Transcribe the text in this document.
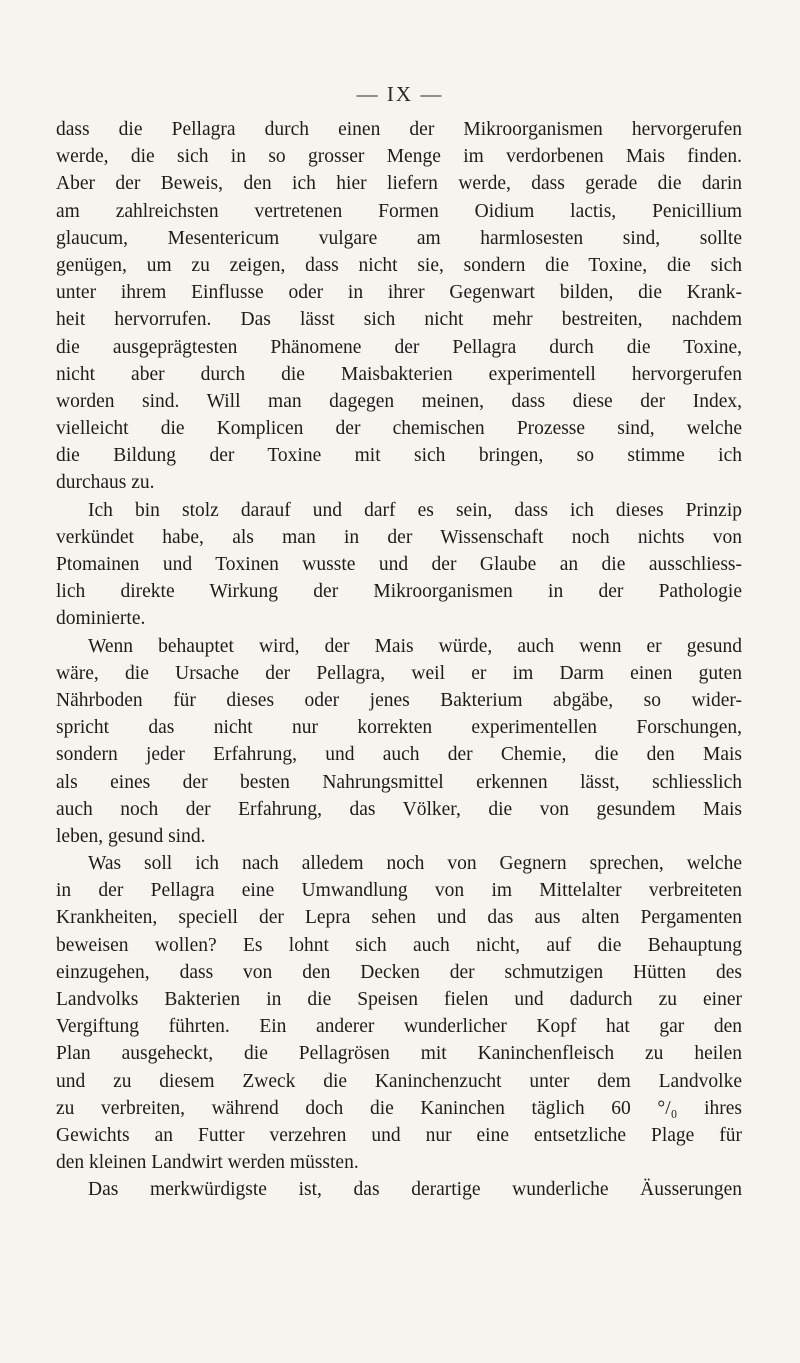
— IX —
dass die Pellagra durch einen der Mikroorganismen hervorgerufen
werde, die sich in so grosser Menge im verdorbenen Mais finden.
Aber der Beweis, den ich hier liefern werde, dass gerade die darin
am zahlreichsten vertretenen Formen Oidium lactis, Penicillium
glaucum, Mesentericum vulgare am harmlosesten sind, sollte
genügen, um zu zeigen, dass nicht sie, sondern die Toxine, die sich
unter ihrem Einflusse oder in ihrer Gegenwart bilden, die Krank-
heit hervorrufen. Das lässt sich nicht mehr bestreiten, nachdem
die ausgeprägtesten Phänomene der Pellagra durch die Toxine,
nicht aber durch die Maisbakterien experimentell hervorgerufen
worden sind. Will man dagegen meinen, dass diese der Index,
vielleicht die Komplicen der chemischen Prozesse sind, welche
die Bildung der Toxine mit sich bringen, so stimme ich
durchaus zu.
Ich bin stolz darauf und darf es sein, dass ich dieses Prinzip
verkündet habe, als man in der Wissenschaft noch nichts von
Ptomainen und Toxinen wusste und der Glaube an die ausschliess-
lich direkte Wirkung der Mikroorganismen in der Pathologie
dominierte.
Wenn behauptet wird, der Mais würde, auch wenn er gesund
wäre, die Ursache der Pellagra, weil er im Darm einen guten
Nährboden für dieses oder jenes Bakterium abgäbe, so wider-
spricht das nicht nur korrekten experimentellen Forschungen,
sondern jeder Erfahrung, und auch der Chemie, die den Mais
als eines der besten Nahrungsmittel erkennen lässt, schliesslich
auch noch der Erfahrung, das Völker, die von gesundem Mais
leben, gesund sind.
Was soll ich nach alledem noch von Gegnern sprechen, welche
in der Pellagra eine Umwandlung von im Mittelalter verbreiteten
Krankheiten, speciell der Lepra sehen und das aus alten Pergamenten
beweisen wollen? Es lohnt sich auch nicht, auf die Behauptung
einzugehen, dass von den Decken der schmutzigen Hütten des
Landvolks Bakterien in die Speisen fielen und dadurch zu einer
Vergiftung führten. Ein anderer wunderlicher Kopf hat gar den
Plan ausgeheckt, die Pellagrösen mit Kaninchenfleisch zu heilen
und zu diesem Zweck die Kaninchenzucht unter dem Landvolke
zu verbreiten, während doch die Kaninchen täglich 60 °/₀ ihres
Gewichts an Futter verzehren und nur eine entsetzliche Plage für
den kleinen Landwirt werden müssten.
Das merkwürdigste ist, das derartige wunderliche Äusserungen
